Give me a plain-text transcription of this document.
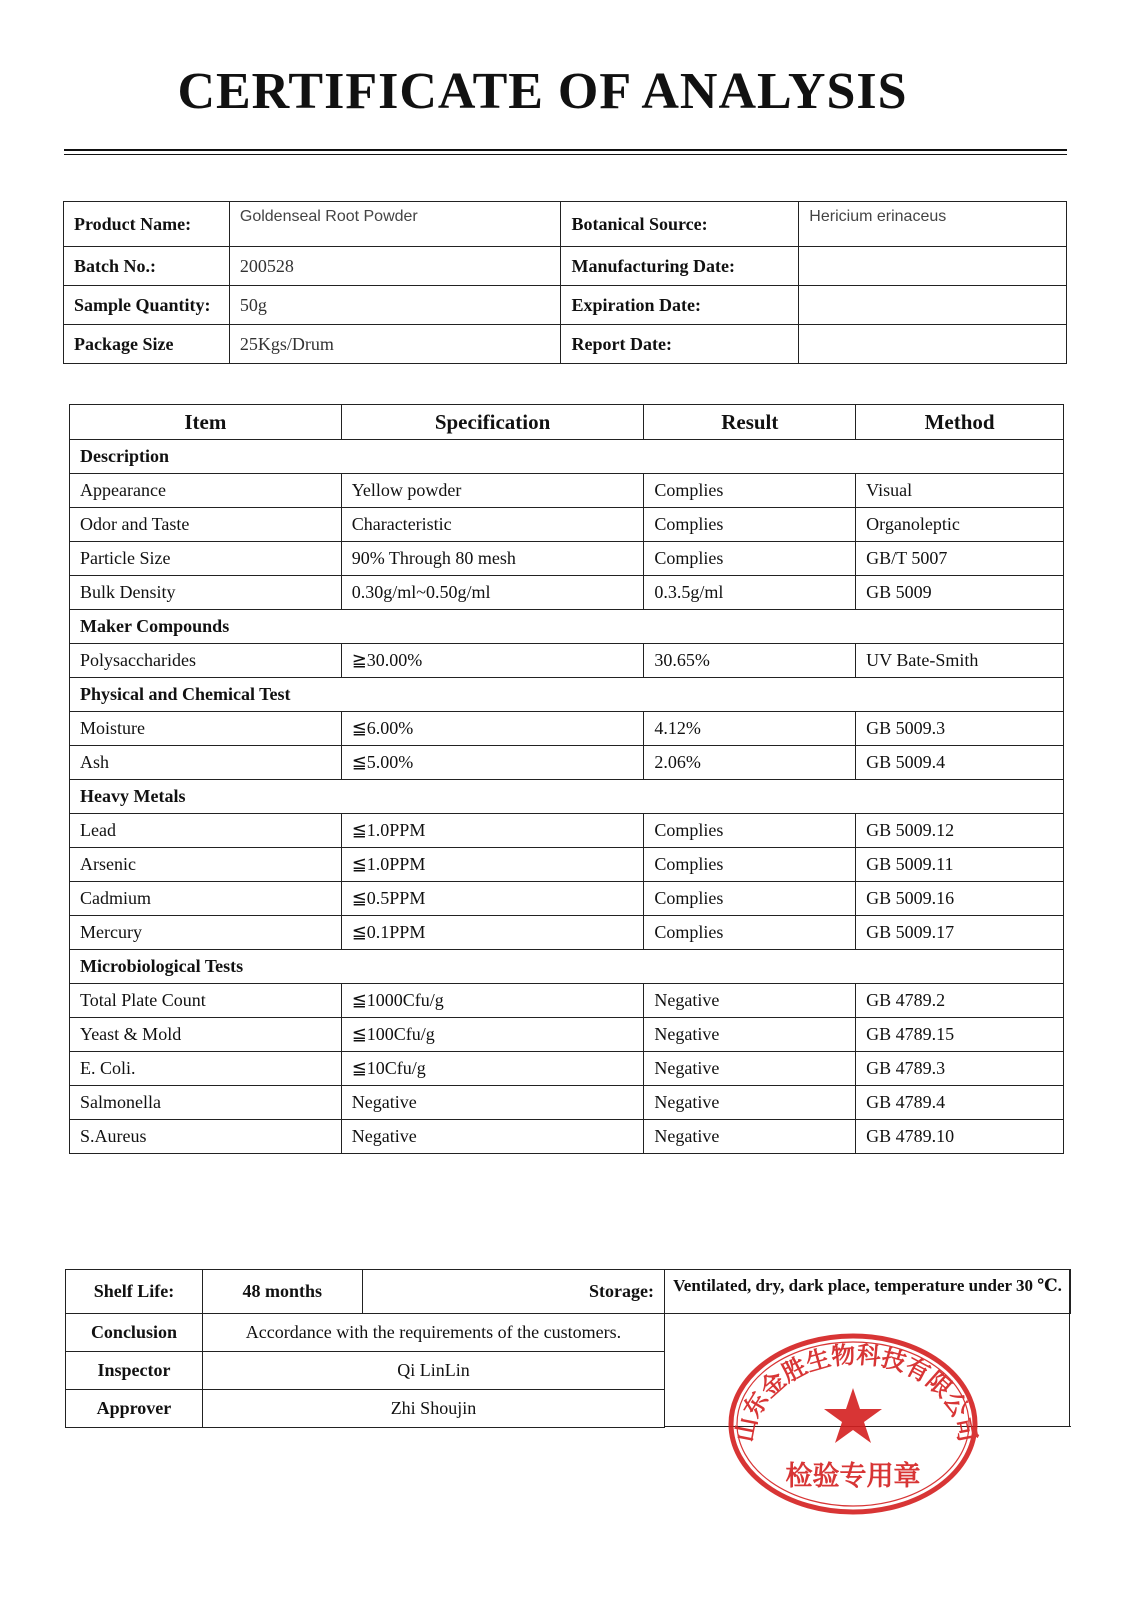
CERTIFICATE OF ANALYSIS
Product Name:	Goldenseal Root Powder	Botanical Source:	Hericium erinaceus
Batch No.:	200528	Manufacturing Date:	
Sample Quantity:	50g	Expiration Date:	
Package Size	25Kgs/Drum	Report Date:	
Item	Specification	Result	Method
Description			
Appearance	Yellow powder	Complies	Visual
Odor and Taste	Characteristic	Complies	Organoleptic
Particle Size	90% Through 80 mesh	Complies	GB/T 5007
Bulk Density	0.30g/ml~0.50g/ml	0.3.5g/ml	GB 5009
Maker Compounds			
Polysaccharides	≧30.00%	30.65%	UV Bate-Smith
Physical and Chemical Test			
Moisture	≦6.00%	4.12%	GB 5009.3
Ash	≦5.00%	2.06%	GB 5009.4
Heavy Metals			
Lead	≦1.0PPM	Complies	GB 5009.12
Arsenic	≦1.0PPM	Complies	GB 5009.11
Cadmium	≦0.5PPM	Complies	GB 5009.16
Mercury	≦0.1PPM	Complies	GB 5009.17
Microbiological Tests			
Total Plate Count	≦1000Cfu/g	Negative	GB 4789.2
Yeast & Mold	≦100Cfu/g	Negative	GB 4789.15
E. Coli.	≦10Cfu/g	Negative	GB 4789.3
Salmonella	Negative	Negative	GB 4789.4
S.Aureus	Negative	Negative	GB 4789.10
Shelf Life:	48 months	Storage:	Ventilated, dry, dark place, temperature under 30 ℃.
Conclusion	Accordance with the requirements of the customers.		
Inspector	Qi LinLin		
Approver	Zhi Shoujin		
山东金胜生物科技有限公司
检验专用章
